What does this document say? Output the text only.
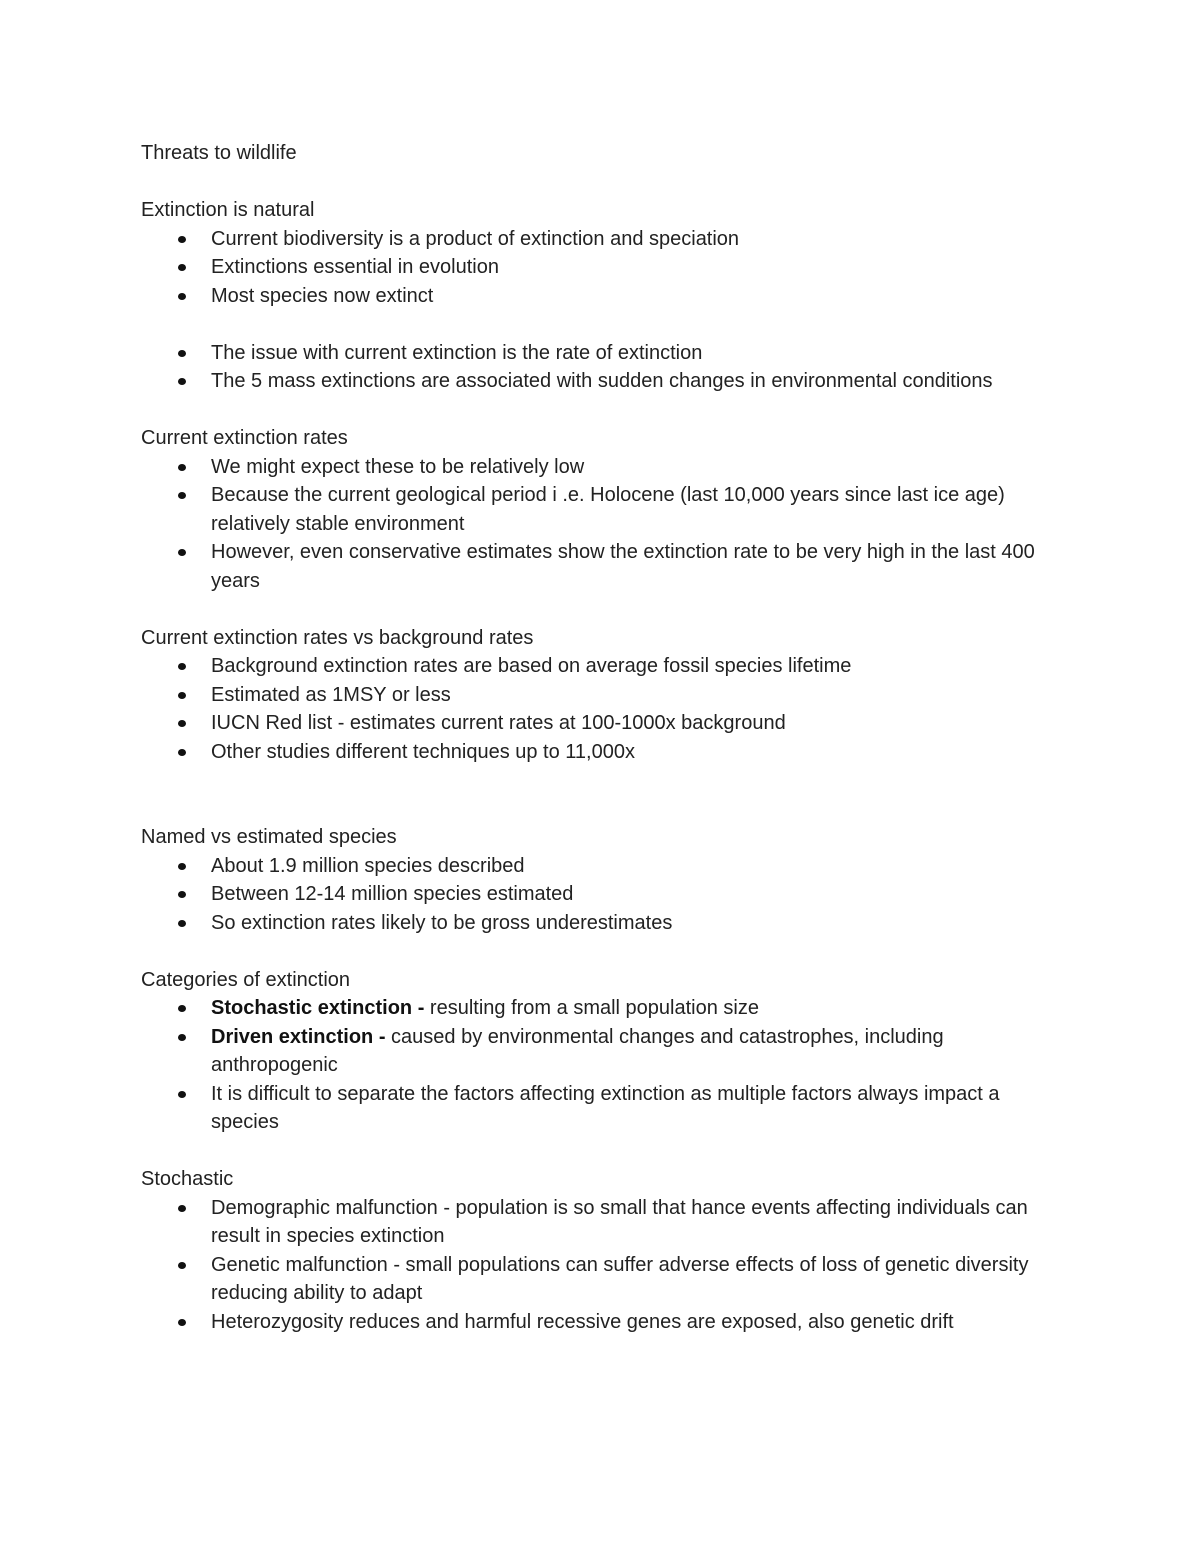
Threats to wildlife

Extinction is natural

Current biodiversity is a product of extinction and speciation
Extinctions essential in evolution
Most species now extinct
The issue with current extinction is the rate of extinction
The 5 mass extinctions are associated with sudden changes in environmental conditions

Current extinction rates

We might expect these to be relatively low
Because the current geological period i .e. Holocene (last 10,000 years since last ice age) relatively stable environment
However, even conservative estimates show the extinction rate to be very high in the last 400 years

Current extinction rates vs background rates

Background extinction rates are based on average fossil species lifetime
Estimated as 1MSY or less
IUCN Red list - estimates current rates at 100-1000x background
Other studies different techniques up to 11,000x

Named vs estimated species

About 1.9 million species described
Between 12-14 million species estimated
So extinction rates likely to be gross underestimates

Categories of extinction

Stochastic extinction - resulting from a small population size
Driven extinction - caused by environmental changes and catastrophes, including anthropogenic
It is difficult to separate the factors affecting extinction as multiple factors always impact a species

Stochastic

Demographic malfunction - population is so small that hance events affecting individuals can result in species extinction
Genetic malfunction - small populations can suffer adverse effects of loss of genetic diversity reducing ability to adapt
Heterozygosity reduces and harmful recessive genes are exposed, also genetic drift
